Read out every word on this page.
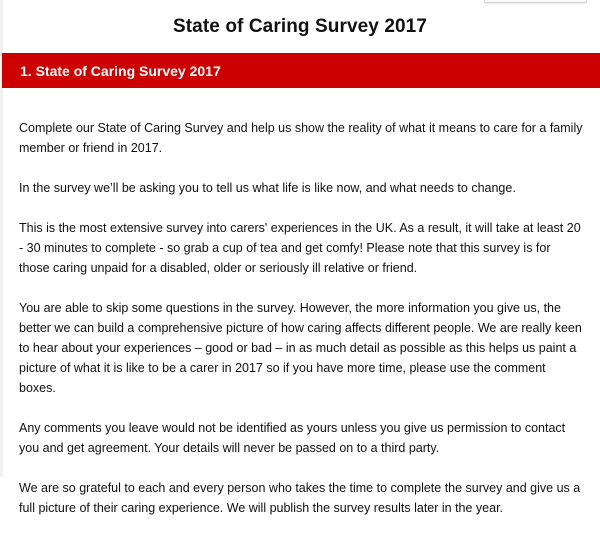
State of Caring Survey 2017
1. State of Caring Survey 2017

Complete our State of Caring Survey and help us show the reality of what it means to care for a family member or friend in 2017.

In the survey we’ll be asking you to tell us what life is like now, and what needs to change.

This is the most extensive survey into carers' experiences in the UK. As a result, it will take at least 20 - 30 minutes to complete - so grab a cup of tea and get comfy! Please note that this survey is for those caring unpaid for a disabled, older or seriously ill relative or friend.

You are able to skip some questions in the survey. However, the more information you give us, the better we can build a comprehensive picture of how caring affects different people. We are really keen to hear about your experiences – good or bad – in as much detail as possible as this helps us paint a picture of what it is like to be a carer in 2017 so if you have more time, please use the comment boxes.

Any comments you leave would not be identified as yours unless you give us permission to contact you and get agreement. Your details will never be passed on to a third party.

We are so grateful to each and every person who takes the time to complete the survey and give us a full picture of their caring experience. We will publish the survey results later in the year.
